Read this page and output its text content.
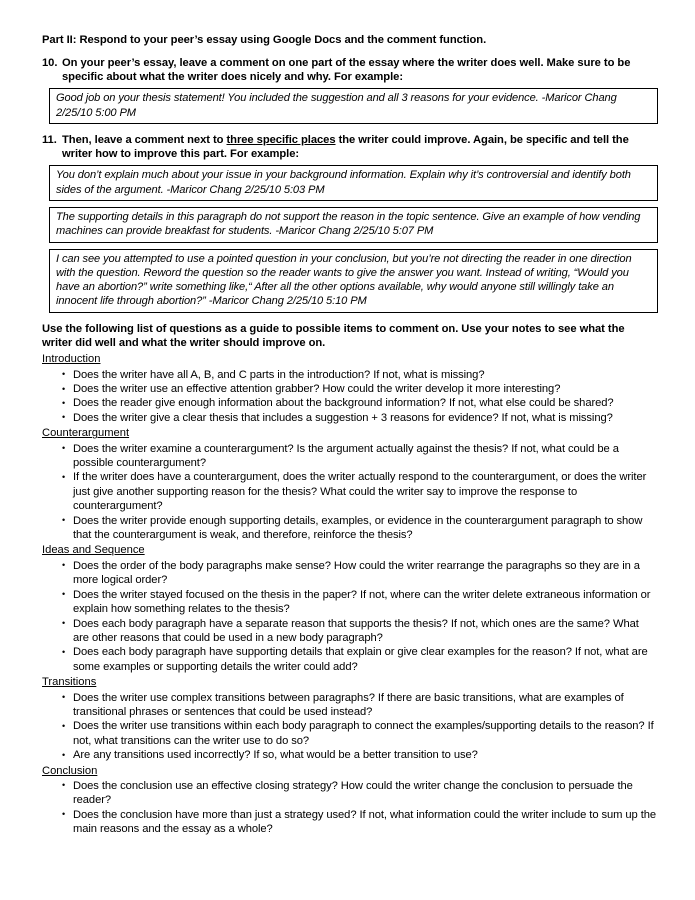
Part II: Respond to your peer’s essay using Google Docs and the comment function.

10. On your peer’s essay, leave a comment on one part of the essay where the writer does well. Make sure to be specific about what the writer does nicely and why. For example:

Good job on your thesis statement! You included the suggestion and all 3 reasons for your evidence. -Maricor Chang 2/25/10 5:00 PM

11. Then, leave a comment next to three specific places the writer could improve. Again, be specific and tell the writer how to improve this part. For example:

You don’t explain much about your issue in your background information. Explain why it’s controversial and identify both sides of the argument. -Maricor Chang 2/25/10 5:03 PM
The supporting details in this paragraph do not support the reason in the topic sentence. Give an example of how vending machines can provide breakfast for students. -Maricor Chang 2/25/10 5:07 PM
I can see you attempted to use a pointed question in your conclusion, but you’re not directing the reader in one direction with the question. Reword the question so the reader wants to give the answer you want. Instead of writing, “Would you have an abortion?” write something like,“ After all the other options available, why would anyone still willingly take an innocent life through abortion?” -Maricor Chang 2/25/10 5:10 PM

Use the following list of questions as a guide to possible items to comment on. Use your notes to see what the writer did well and what the writer should improve on.

Introduction
• Does the writer have all A, B, and C parts in the introduction? If not, what is missing?
• Does the writer use an effective attention grabber? How could the writer develop it more interesting?
• Does the reader give enough information about the background information? If not, what else could be shared?
• Does the writer give a clear thesis that includes a suggestion + 3 reasons for evidence? If not, what is missing?
Counterargument
• Does the writer examine a counterargument? Is the argument actually against the thesis? If not, what could be a possible counterargument?
• If the writer does have a counterargument, does the writer actually respond to the counterargument, or does the writer just give another supporting reason for the thesis? What could the writer say to improve the response to counterargument?
• Does the writer provide enough supporting details, examples, or evidence in the counterargument paragraph to show that the counterargument is weak, and therefore, reinforce the thesis?
Ideas and Sequence
• Does the order of the body paragraphs make sense? How could the writer rearrange the paragraphs so they are in a more logical order?
• Does the writer stayed focused on the thesis in the paper? If not, where can the writer delete extraneous information or explain how something relates to the thesis?
• Does each body paragraph have a separate reason that supports the thesis? If not, which ones are the same? What are other reasons that could be used in a new body paragraph?
• Does each body paragraph have supporting details that explain or give clear examples for the reason? If not, what are some examples or supporting details the writer could add?
Transitions
• Does the writer use complex transitions between paragraphs? If there are basic transitions, what are examples of transitional phrases or sentences that could be used instead?
• Does the writer use transitions within each body paragraph to connect the examples/supporting details to the reason? If not, what transitions can the writer use to do so?
• Are any transitions used incorrectly? If so, what would be a better transition to use?
Conclusion
• Does the conclusion use an effective closing strategy? How could the writer change the conclusion to persuade the reader?
• Does the conclusion have more than just a strategy used? If not, what information could the writer include to sum up the main reasons and the essay as a whole?
